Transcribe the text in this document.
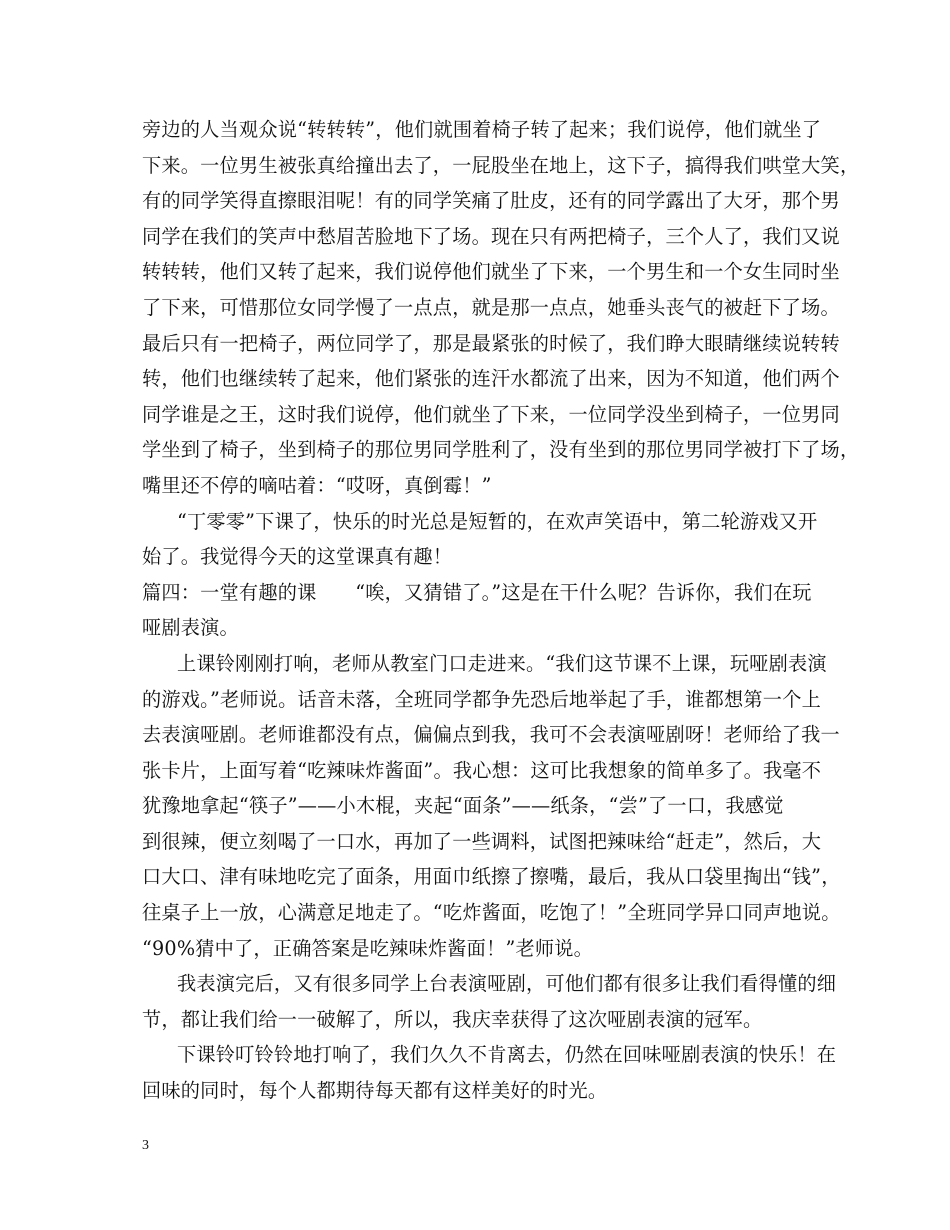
旁边的人当观众说“转转转”，他们就围着椅子转了起来；我们说停，他们就坐了
下来。一位男生被张真给撞出去了，一屁股坐在地上，这下子，搞得我们哄堂大笑，
有的同学笑得直擦眼泪呢！有的同学笑痛了肚皮，还有的同学露出了大牙，那个男
同学在我们的笑声中愁眉苦脸地下了场。现在只有两把椅子，三个人了，我们又说
转转转，他们又转了起来，我们说停他们就坐了下来，一个男生和一个女生同时坐
了下来，可惜那位女同学慢了一点点，就是那一点点，她垂头丧气的被赶下了场。
最后只有一把椅子，两位同学了，那是最紧张的时候了，我们睁大眼睛继续说转转
转，他们也继续转了起来，他们紧张的连汗水都流了出来，因为不知道，他们两个
同学谁是之王，这时我们说停，他们就坐了下来，一位同学没坐到椅子，一位男同
学坐到了椅子，坐到椅子的那位男同学胜利了，没有坐到的那位男同学被打下了场，
嘴里还不停的嘀咕着：“哎呀，真倒霉！”
“丁零零”下课了，快乐的时光总是短暂的，在欢声笑语中，第二轮游戏又开
始了。我觉得今天的这堂课真有趣！
篇四：一堂有趣的课　　“唉，又猜错了。”这是在干什么呢？告诉你，我们在玩
哑剧表演。
上课铃刚刚打响，老师从教室门口走进来。“我们这节课不上课，玩哑剧表演
的游戏。”老师说。话音未落，全班同学都争先恐后地举起了手，谁都想第一个上
去表演哑剧。老师谁都没有点，偏偏点到我，我可不会表演哑剧呀！老师给了我一
张卡片，上面写着“吃辣味炸酱面”。我心想：这可比我想象的简单多了。我毫不
犹豫地拿起“筷子”——小木棍，夹起“面条”——纸条，“尝”了一口，我感觉
到很辣，便立刻喝了一口水，再加了一些调料，试图把辣味给“赶走”，然后，大
口大口、津有味地吃完了面条，用面巾纸擦了擦嘴，最后，我从口袋里掏出“钱”，
往桌子上一放，心满意足地走了。“吃炸酱面，吃饱了！”全班同学异口同声地说。
“90%猜中了，正确答案是吃辣味炸酱面！”老师说。
我表演完后，又有很多同学上台表演哑剧，可他们都有很多让我们看得懂的细
节，都让我们给一一破解了，所以，我庆幸获得了这次哑剧表演的冠军。
下课铃叮铃铃地打响了，我们久久不肯离去，仍然在回味哑剧表演的快乐！在
回味的同时，每个人都期待每天都有这样美好的时光。
3
